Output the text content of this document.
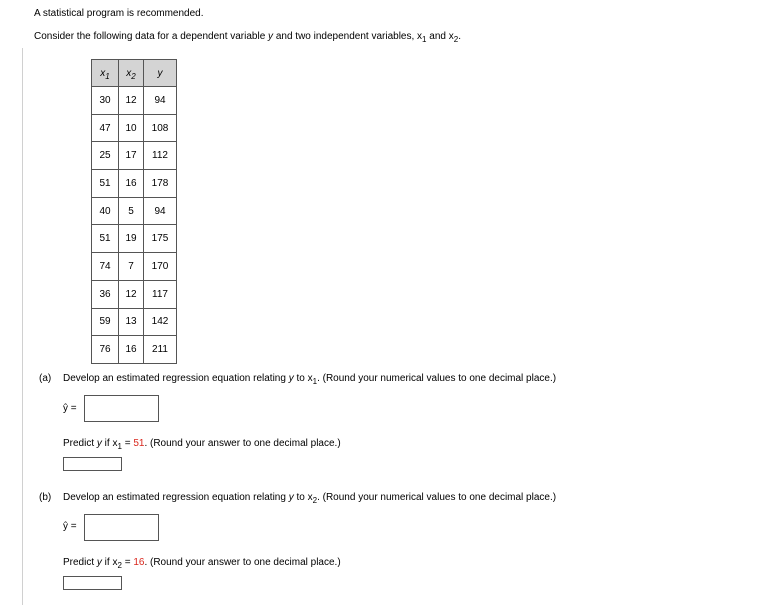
A statistical program is recommended.
Consider the following data for a dependent variable y and two independent variables, $x_1$ and $x_2$.
$x_1$	$x_2$	y
30	12	94
47	10	108
25	17	112
51	16	178
40	5	94
51	19	175
74	7	170
36	12	117
59	13	142
76	16	211
(a) Develop an estimated regression equation relating y to $x_1$. (Round your numerical values to one decimal place.)
ŷ =
Predict y if $x_1 = 51$. (Round your answer to one decimal place.)
(b) Develop an estimated regression equation relating y to $x_2$. (Round your numerical values to one decimal place.)
ŷ =
Predict y if $x_2 = 16$. (Round your answer to one decimal place.)
